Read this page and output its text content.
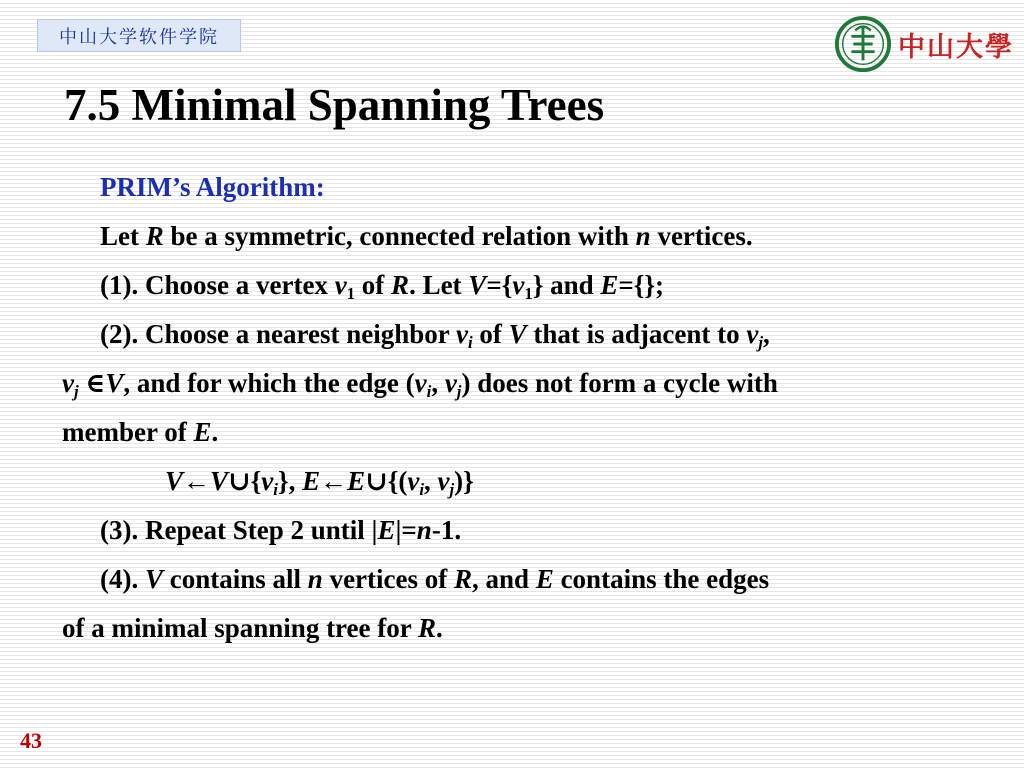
中山大学软件学院	中山大學
7.5 Minimal Spanning Trees
PRIM’s Algorithm:
Let R be a symmetric, connected relation with n vertices.
(1). Choose a vertex $v_1$ of R. Let $V=\{v_1\}$ and E={};
(2). Choose a nearest neighbor $v_i$ of V that is adjacent to $v_j$,
$v_j$ ∈V, and for which the edge ($v_i$, $v_j$) does not form a cycle with
member of E.
$V\leftarrow V\cup\{v_i\}$, $E\leftarrow E\cup\{(v_i$, $v_j$)}
(3). Repeat Step 2 until |E|=n-1.
(4). V contains all n vertices of R, and E contains the edges
of a minimal spanning tree for R.
43
